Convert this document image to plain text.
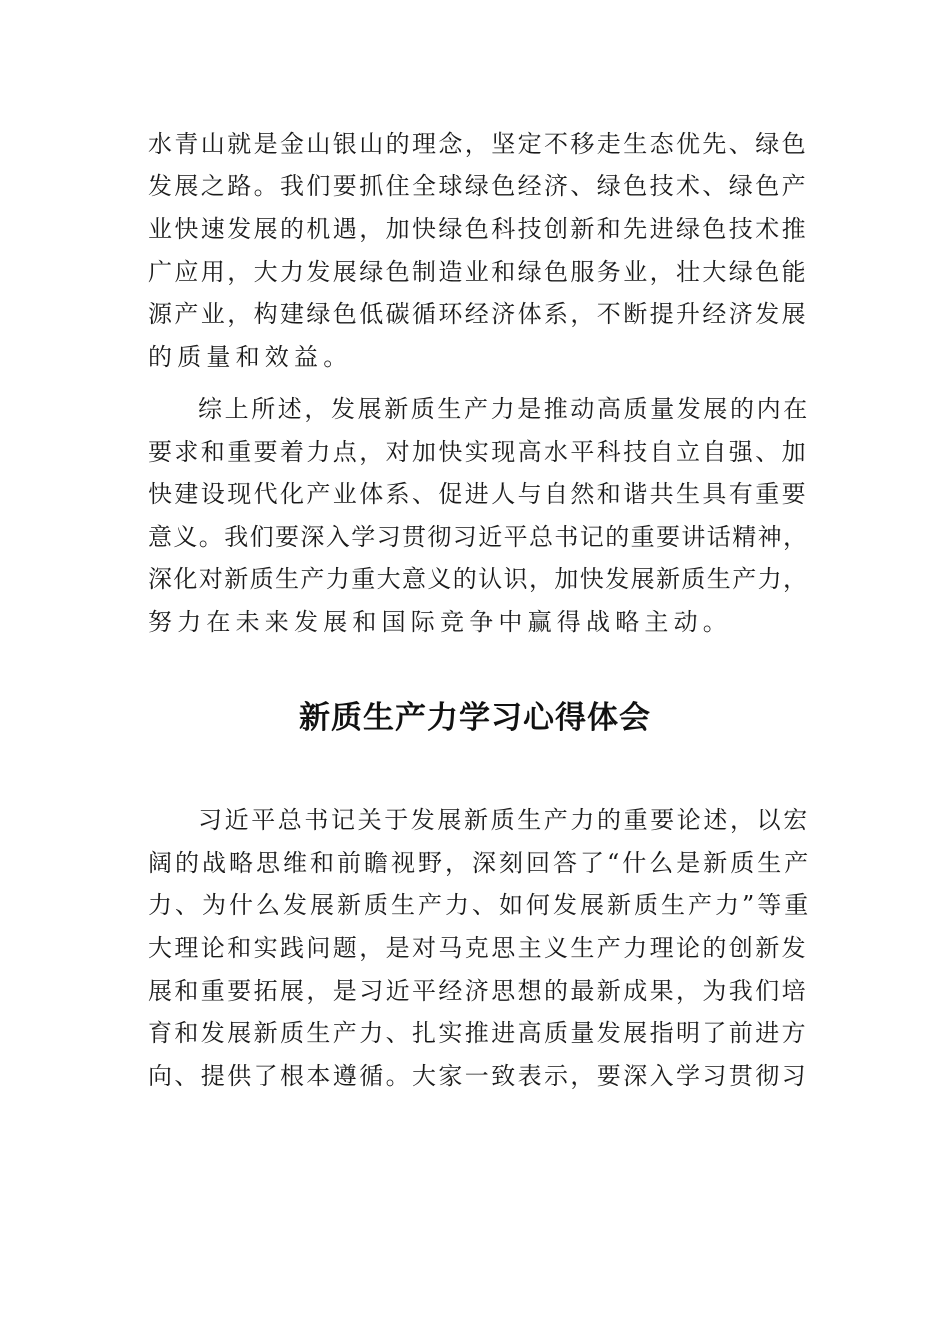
水青山就是金山银山的理念，坚定不移走生态优先、绿色
发展之路。我们要抓住全球绿色经济、绿色技术、绿色产
业快速发展的机遇，加快绿色科技创新和先进绿色技术推
广应用，大力发展绿色制造业和绿色服务业，壮大绿色能
源产业，构建绿色低碳循环经济体系，不断提升经济发展
的质量和效益。
综上所述，发展新质生产力是推动高质量发展的内在
要求和重要着力点，对加快实现高水平科技自立自强、加
快建设现代化产业体系、促进人与自然和谐共生具有重要
意义。我们要深入学习贯彻习近平总书记的重要讲话精神，
深化对新质生产力重大意义的认识，加快发展新质生产力，
努力在未来发展和国际竞争中赢得战略主动。
新质生产力学习心得体会
习近平总书记关于发展新质生产力的重要论述，以宏
阔的战略思维和前瞻视野，深刻回答了“什么是新质生产
力、为什么发展新质生产力、如何发展新质生产力”等重
大理论和实践问题，是对马克思主义生产力理论的创新发
展和重要拓展，是习近平经济思想的最新成果，为我们培
育和发展新质生产力、扎实推进高质量发展指明了前进方
向、提供了根本遵循。大家一致表示，要深入学习贯彻习
